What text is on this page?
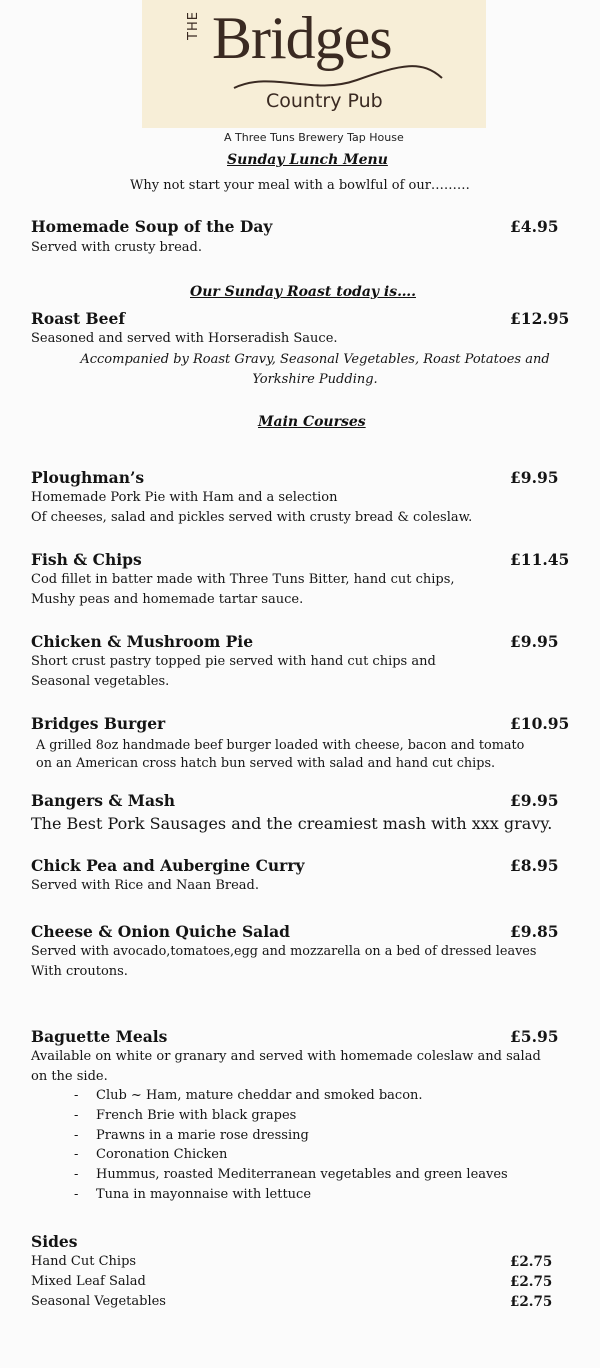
THE Bridges
Country Pub
A Three Tuns Brewery Tap House
Sunday Lunch Menu
Why not start your meal with a bowlful of our………
Homemade Soup of the Day	£4.95
Served with crusty bread.
Our Sunday Roast today is….
Roast Beef	£12.95
Seasoned and served with Horseradish Sauce.
Accompanied by Roast Gravy, Seasonal Vegetables, Roast Potatoes and Yorkshire Pudding.
Main Courses
Ploughman’s	£9.95
Homemade Pork Pie with Ham and a selection
Of cheeses, salad and pickles served with crusty bread & coleslaw.
Fish & Chips	£11.45
Cod fillet in batter made with Three Tuns Bitter, hand cut chips,
Mushy peas and homemade tartar sauce.
Chicken & Mushroom Pie	£9.95
Short crust pastry topped pie served with hand cut chips and
Seasonal vegetables.
Bridges Burger	£10.95
A grilled 8oz handmade beef burger loaded with cheese, bacon and tomato
on an American cross hatch bun served with salad and hand cut chips.
Bangers & Mash	£9.95
The Best Pork Sausages and the creamiest mash with xxx gravy.
Chick Pea and Aubergine Curry	£8.95
Served with Rice and Naan Bread.
Cheese & Onion Quiche Salad	£9.85
Served with avocado,tomatoes,egg and mozzarella on a bed of dressed leaves
With croutons.
Baguette Meals	£5.95
Available on white or granary and served with homemade coleslaw and salad
on the side.
- Club ~ Ham, mature cheddar and smoked bacon.
- French Brie with black grapes
- Prawns in a marie rose dressing
- Coronation Chicken
- Hummus, roasted Mediterranean vegetables and green leaves
- Tuna in mayonnaise with lettuce
Sides
Hand Cut Chips	£2.75
Mixed Leaf Salad	£2.75
Seasonal Vegetables	£2.75
